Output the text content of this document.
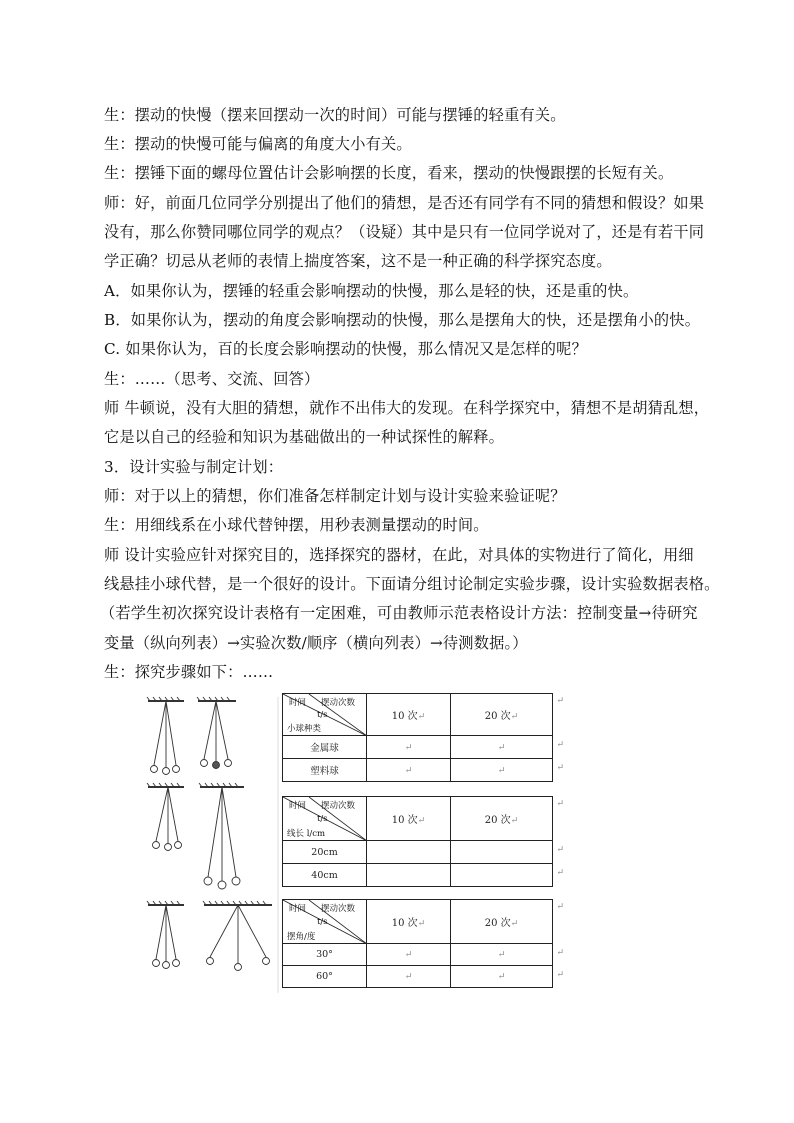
生：摆动的快慢（摆来回摆动一次的时间）可能与摆锤的轻重有关。
生：摆动的快慢可能与偏离的角度大小有关。
生：摆锤下面的螺母位置估计会影响摆的长度，看来，摆动的快慢跟摆的长短有关。
师：好，前面几位同学分别提出了他们的猜想，是否还有同学有不同的猜想和假设？如果
没有，那么你赞同哪位同学的观点？（设疑）其中是只有一位同学说对了，还是有若干同
学正确？切忌从老师的表情上揣度答案，这不是一种正确的科学探究态度。
A．如果你认为，摆锤的轻重会影响摆动的快慢，那么是轻的快，还是重的快。
B．如果你认为，摆动的角度会影响摆动的快慢，那么是摆角大的快，还是摆角小的快。
C. 如果你认为，百的长度会影响摆动的快慢，那么情况又是怎样的呢？
生：……（思考、交流、回答）
师 牛顿说，没有大胆的猜想，就作不出伟大的发现。在科学探究中，猜想不是胡猜乱想，
它是以自己的经验和知识为基础做出的一种试探性的解释。
3．设计实验与制定计划：
师：对于以上的猜想，你们准备怎样制定计划与设计实验来验证呢？
生：用细线系在小球代替钟摆，用秒表测量摆动的时间。
师 设计实验应针对探究目的，选择探究的器材，在此，对具体的实物进行了简化，用细
线悬挂小球代替，是一个很好的设计。下面请分组讨论制定实验步骤，设计实验数据表格。
（若学生初次探究设计表格有一定困难，可由教师示范表格设计方法：控制变量→待研究
变量（纵向列表）→实验次数/顺序（横向列表）→待测数据。）
生：探究步骤如下：……
时间 摆动次数
t/s
小球种类	10 次↵	20 次↵
↵

金属球	↵	↵ ↵

塑料球	↵	↵ ↵
时间 摆动次数
t/s
线长 l/cm	10 次↵	20 次↵
↵

20cm		↵

40cm		↵
时间 摆动次数
t/s
摆角/度	10 次↵	20 次↵
↵

30°	↵	↵ ↵

60°	↵	↵ ↵
